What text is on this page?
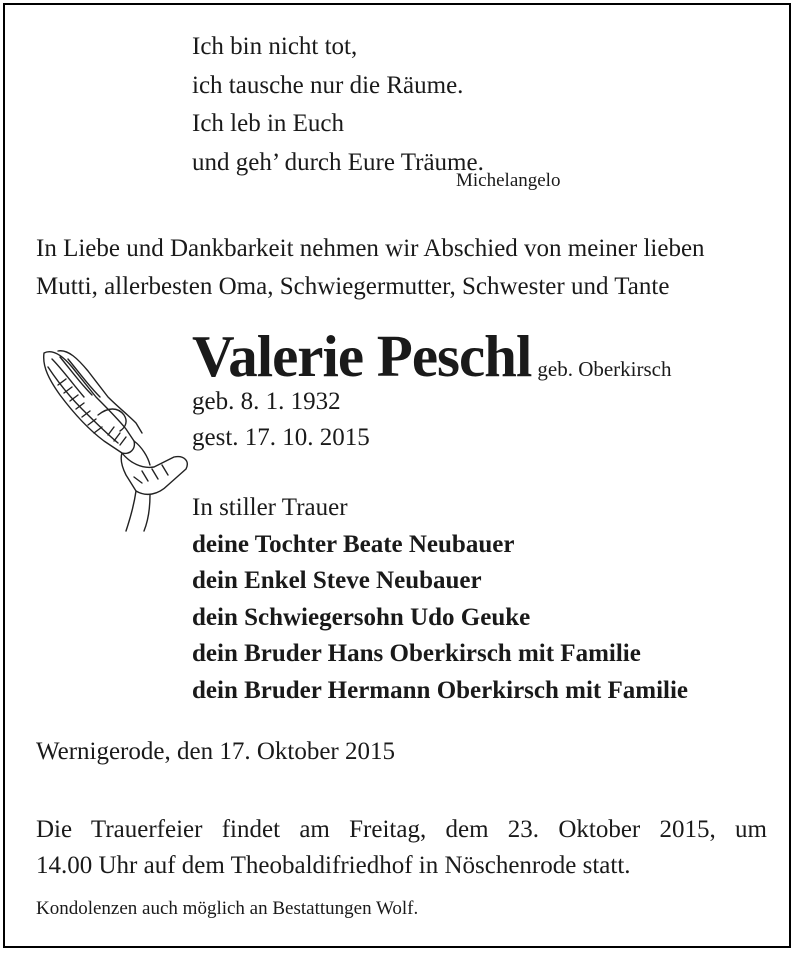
Ich bin nicht tot,
ich tausche nur die Räume.
Ich leb in Euch
und geh’ durch Eure Träume.
Michelangelo
In Liebe und Dankbarkeit nehmen wir Abschied von meiner lieben
Mutti, allerbesten Oma, Schwiegermutter, Schwester und Tante
Valerie Peschl geb. Oberkirsch
geb. 8. 1. 1932
gest. 17. 10. 2015
In stiller Trauer
deine Tochter Beate Neubauer
dein Enkel Steve Neubauer
dein Schwiegersohn Udo Geuke
dein Bruder Hans Oberkirsch mit Familie
dein Bruder Hermann Oberkirsch mit Familie
Wernigerode, den 17. Oktober 2015
Die Trauerfeier findet am Freitag, dem 23. Oktober 2015, um
14.00 Uhr auf dem Theobaldifriedhof in Nöschenrode statt.
Kondolenzen auch möglich an Bestattungen Wolf.
